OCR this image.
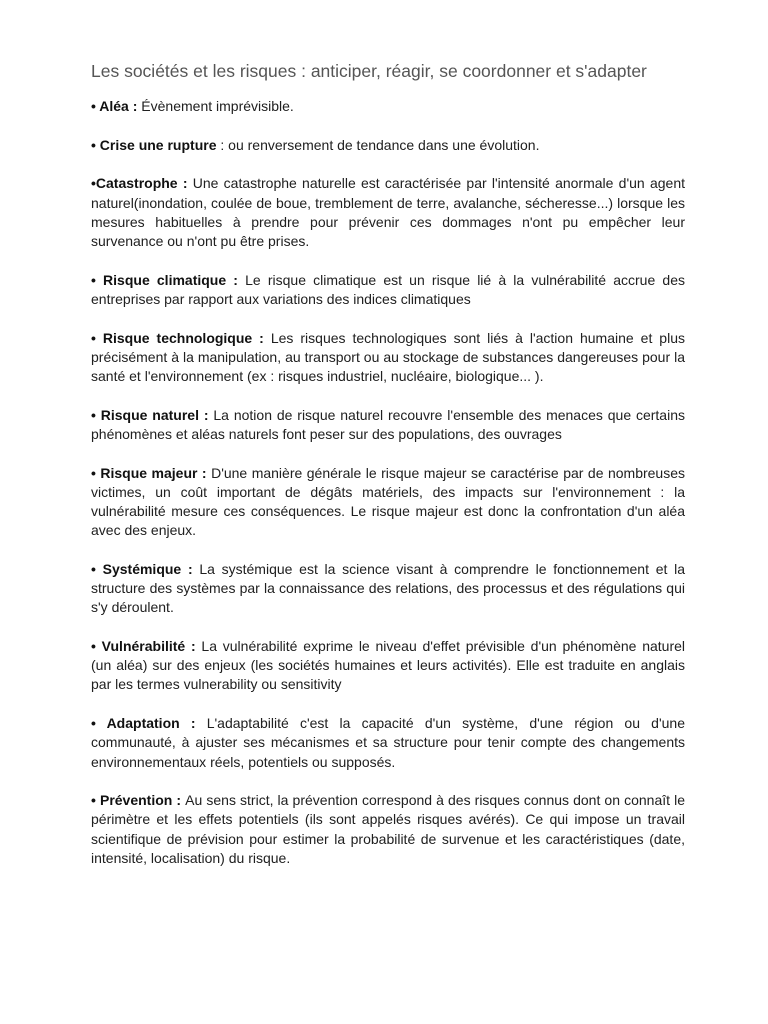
Les sociétés et les risques : anticiper, réagir, se coordonner et s'adapter

• Aléa : Évènement imprévisible.

• Crise une rupture : ou renversement de tendance dans une évolution.

•Catastrophe : Une catastrophe naturelle est caractérisée par l'intensité anormale d'un agent naturel(inondation, coulée de boue, tremblement de terre, avalanche, sécheresse...) lorsque les mesures habituelles à prendre pour prévenir ces dommages n'ont pu empêcher leur survenance ou n'ont pu être prises.

• Risque climatique : Le risque climatique est un risque lié à la vulnérabilité accrue des entreprises par rapport aux variations des indices climatiques

• Risque technologique : Les risques technologiques sont liés à l'action humaine et plus précisément à la manipulation, au transport ou au stockage de substances dangereuses pour la santé et l'environnement (ex : risques industriel, nucléaire, biologique... ).

• Risque naturel : La notion de risque naturel recouvre l'ensemble des menaces que certains phénomènes et aléas naturels font peser sur des populations, des ouvrages

• Risque majeur : D'une manière générale le risque majeur se caractérise par de nombreuses victimes, un coût important de dégâts matériels, des impacts sur l'environnement : la vulnérabilité mesure ces conséquences. Le risque majeur est donc la confrontation d'un aléa avec des enjeux.

• Systémique : La systémique est la science visant à comprendre le fonctionnement et la structure des systèmes par la connaissance des relations, des processus et des régulations qui s'y déroulent.

• Vulnérabilité : La vulnérabilité exprime le niveau d'effet prévisible d'un phénomène naturel (un aléa) sur des enjeux (les sociétés humaines et leurs activités). Elle est traduite en anglais par les termes vulnerability ou sensitivity

• Adaptation : L'adaptabilité c'est la capacité d'un système, d'une région ou d'une communauté, à ajuster ses mécanismes et sa structure pour tenir compte des changements environnementaux réels, potentiels ou supposés.

• Prévention : Au sens strict, la prévention correspond à des risques connus dont on connaît le périmètre et les effets potentiels (ils sont appelés risques avérés). Ce qui impose un travail scientifique de prévision pour estimer la probabilité de survenue et les caractéristiques (date, intensité, localisation) du risque.
